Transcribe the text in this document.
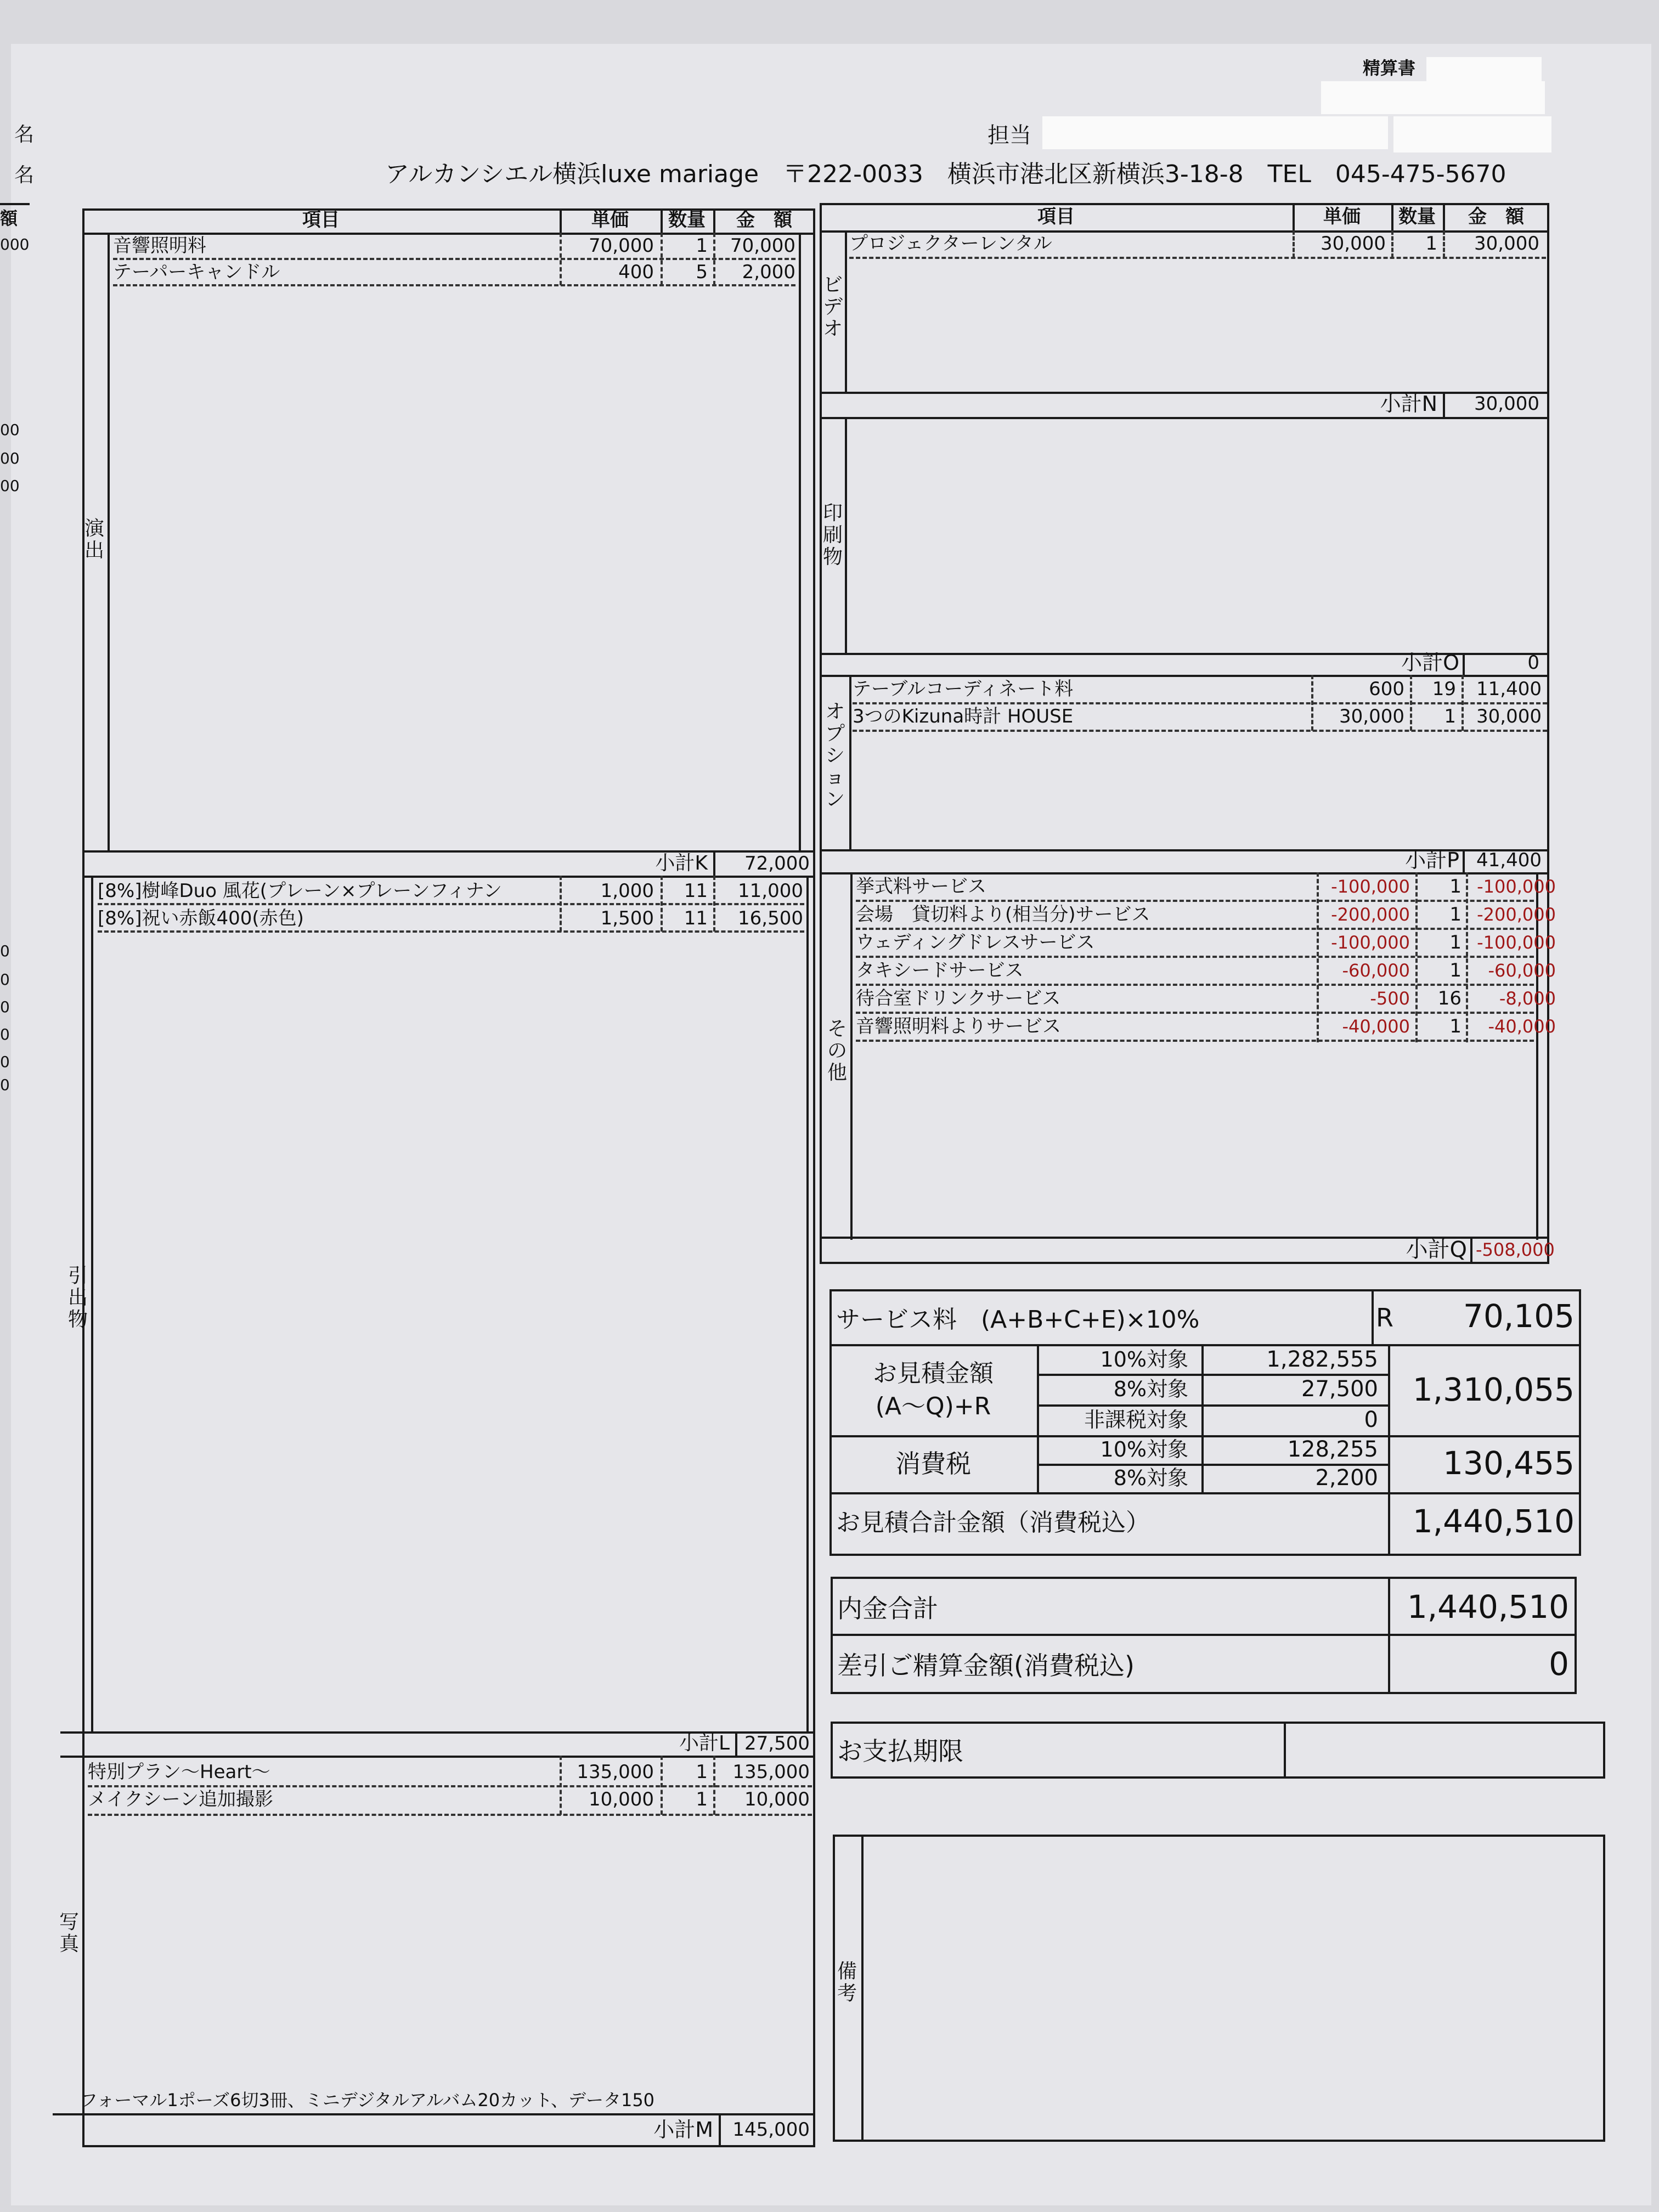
精算書
担当
アルカンシエル横浜luxe mariage　〒222-0033　横浜市港北区新横浜3-18-8　TEL　045-475-5670
名
名
額
000
00
00
00
0
0
0
0
0
0
項目	単価	数量	金　額
演
出
音響照明料	70,000	1	70,000
テーパーキャンドル	400	5	2,000
小計K	72,000
引
出
物
[8%]樹峰Duo 風花(プレーン×プレーンフィナン	1,000	11	11,000
[8%]祝い赤飯400(赤色)	1,500	11	16,500
小計L 27,500
写
真
特別プラン～Heart～	135,000	1	135,000
メイクシーン追加撮影	10,000	1	10,000
フォーマル1ポーズ6切3冊、ミニデジタルアルバム20カット、データ150
小計M	145,000
項目	単価	数量	金　額
ビ
デ
オ
プロジェクターレンタル	30,000	1	30,000
小計N	30,000
印
刷
物
小計O	0
オ
プ
シ
ョ
ン
テーブルコーディネート料	600	19	11,400
3つのKizuna時計 HOUSE	30,000	1	30,000
小計P 41,400
そ
の
他
挙式料サービス	-100,000	1 -100,000
会場　貸切料より(相当分)サービス	-200,000	1 -200,000
ウェディングドレスサービス	-100,000	1 -100,000
タキシードサービス	-60,000	1	-60,000
待合室ドリンクサービス	-500	16	-8,000
音響照明料よりサービス	-40,000	1	-40,000
小計Q -508,000
サービス料　(A+B+C+E)×10%	R	70,105
お見積金額
(A～Q)+R
10%対象	1,282,555
8%対象	27,500
非課税対象	0
1,310,055
消費税	10%対象	128,255
8%対象	2,200	130,455
お見積合計金額（消費税込）	1,440,510
内金合計	1,440,510
差引ご精算金額(消費税込)	0
お支払期限
備
考
